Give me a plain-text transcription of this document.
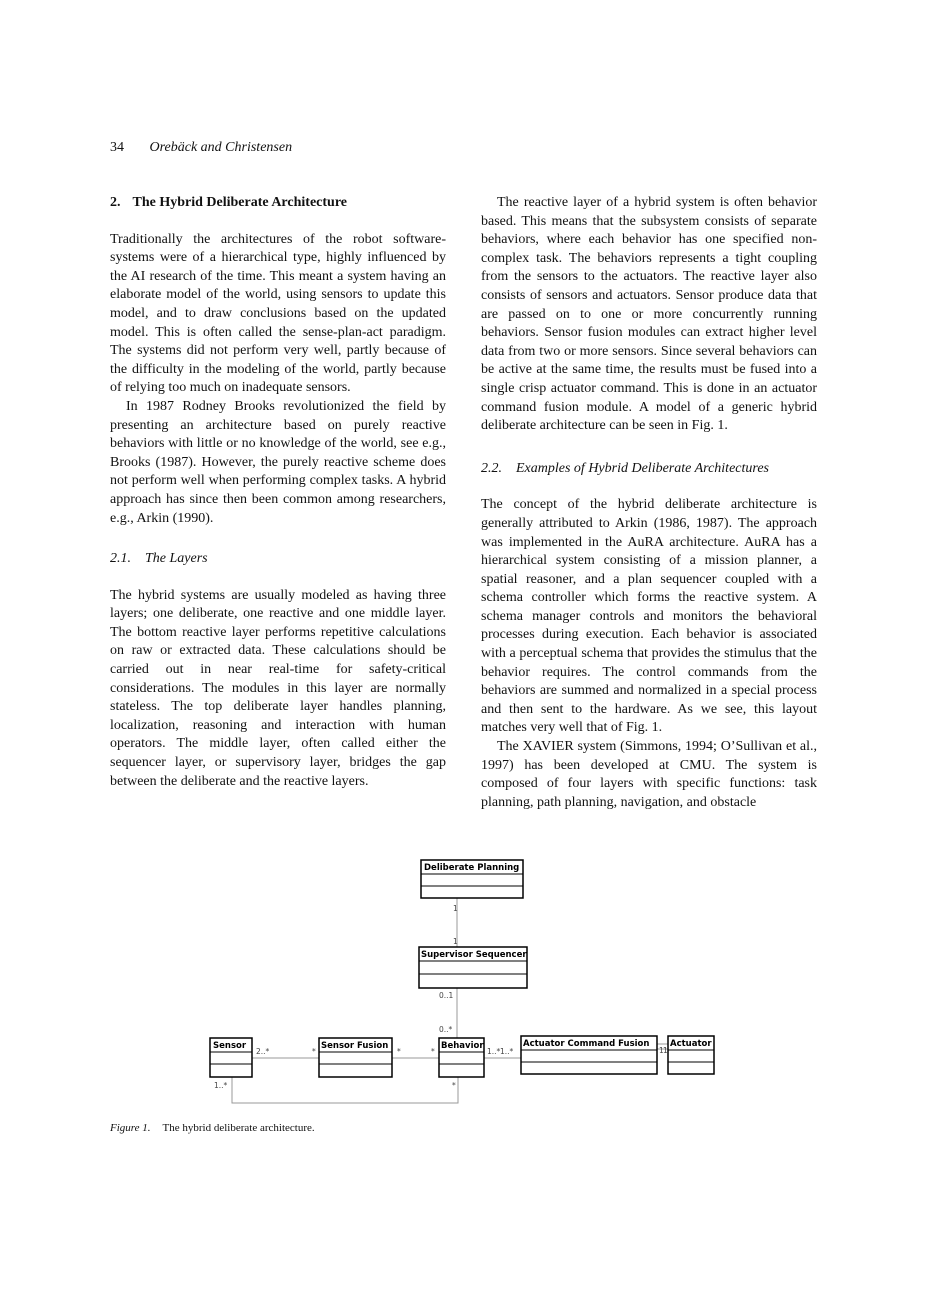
34 Orebäck and Christensen
2. The Hybrid Deliberate Architecture

Traditionally the architectures of the robot software-systems were of a hierarchical type, highly influenced by the AI research of the time. This meant a system having an elaborate model of the world, using sensors to update this model, and to draw conclusions based on the updated model. This is often called the sense-plan-act paradigm. The systems did not perform very well, partly because of the difficulty in the modeling of the world, partly because of relying too much on inadequate sensors.

In 1987 Rodney Brooks revolutionized the field by presenting an architecture based on purely reactive behaviors with little or no knowledge of the world, see e.g., Brooks (1987). However, the purely reactive scheme does not perform well when performing complex tasks. A hybrid approach has since then been common among researchers, e.g., Arkin (1990).

2.1. The Layers

The hybrid systems are usually modeled as having three layers; one deliberate, one reactive and one middle layer. The bottom reactive layer performs repetitive calculations on raw or extracted data. These calculations should be carried out in near real-time for safety-critical considerations. The modules in this layer are normally stateless. The top deliberate layer handles planning, localization, reasoning and interaction with human operators. The middle layer, often called either the sequencer layer, or supervisory layer, bridges the gap between the deliberate and the reactive layers.

The reactive layer of a hybrid system is often behavior based. This means that the subsystem consists of separate behaviors, where each behavior has one specified non-complex task. The behaviors represents a tight coupling from the sensors to the actuators. The reactive layer also consists of sensors and actuators. Sensor produce data that are passed on to one or more concurrently running behaviors. Sensor fusion modules can extract higher level data from two or more sensors. Since several behaviors can be active at the same time, the results must be fused into a single crisp actuator command. This is done in an actuator command fusion module. A model of a generic hybrid deliberate architecture can be seen in Fig. 1.

2.2. Examples of Hybrid Deliberate Architectures

The concept of the hybrid deliberate architecture is generally attributed to Arkin (1986, 1987). The approach was implemented in the AuRA architecture. AuRA has a hierarchical system consisting of a mission planner, a spatial reasoner, and a plan sequencer coupled with a schema controller which forms the reactive system. A schema manager controls and monitors the behavioral processes during execution. Each behavior is associated with a perceptual schema that provides the stimulus that the behavior requires. The control commands from the behaviors are summed and normalized in a special process and then sent to the hardware. As we see, this layout matches very well that of Fig. 1.

The XAVIER system (Simmons, 1994; O’Sullivan et al., 1997) has been developed at CMU. The system is composed of four layers with specific functions: task planning, path planning, navigation, and obstacle

Deliberate Planning
Supervisor Sequencer
Sensor	Sensor Fusion	Behavior	Actuator Command Fusion Actuator
1
1
0..1
0..*
2..*	*	*	*	1..* 1..*	1 1
1..*	*
Figure 1. The hybrid deliberate architecture.
